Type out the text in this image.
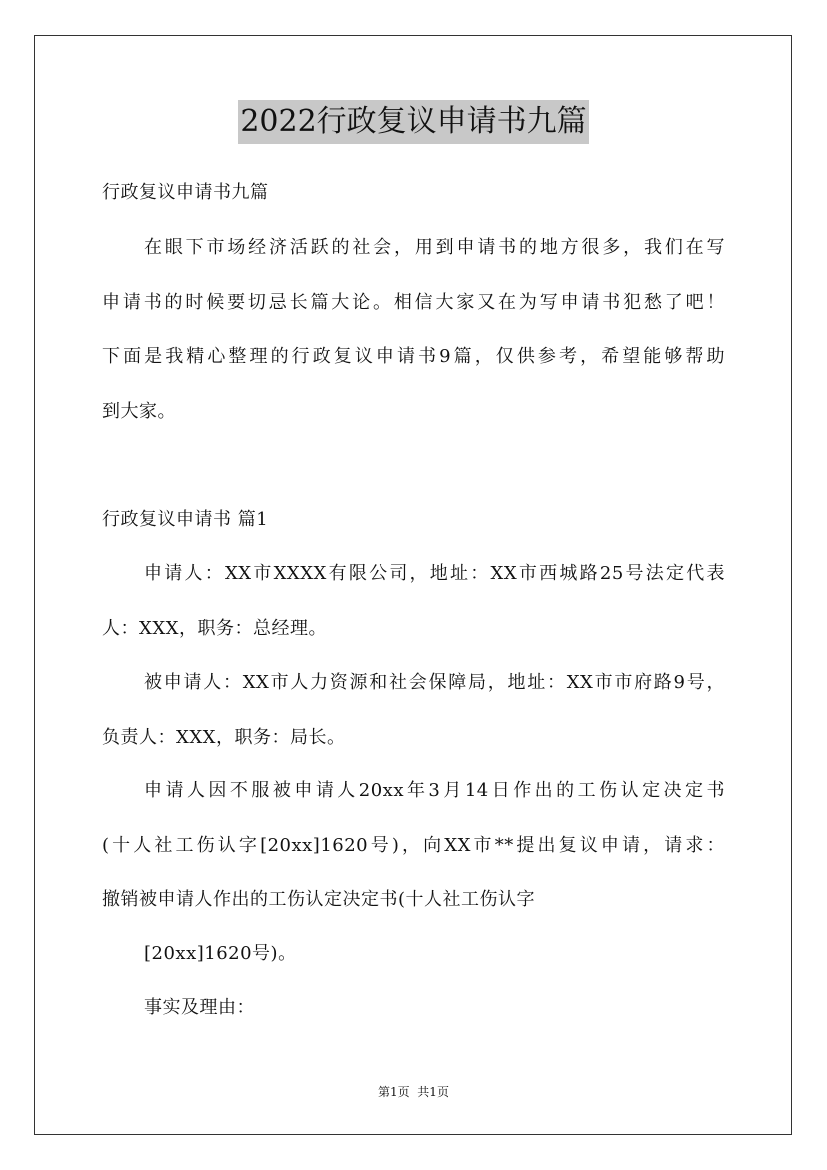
2022行政复议申请书九篇
行政复议申请书九篇
在眼下市场经济活跃的社会，用到申请书的地方很多，我们在写
申请书的时候要切忌长篇大论。相信大家又在为写申请书犯愁了吧！
下面是我精心整理的行政复议申请书9篇，仅供参考，希望能够帮助
到大家。
行政复议申请书 篇1
申请人：XX市XXXX有限公司，地址：XX市西城路25号法定代表
人：XXX，职务：总经理。
被申请人：XX市人力资源和社会保障局，地址：XX市市府路9号，
负责人：XXX，职务：局长。
申请人因不服被申请人20xx年3月14日作出的工伤认定决定书
(十人社工伤认字[20xx]1620号)，向XX市**提出复议申请，请求：
撤销被申请人作出的工伤认定决定书(十人社工伤认字
[20xx]1620号)。
事实及理由：
第1页  共1页
